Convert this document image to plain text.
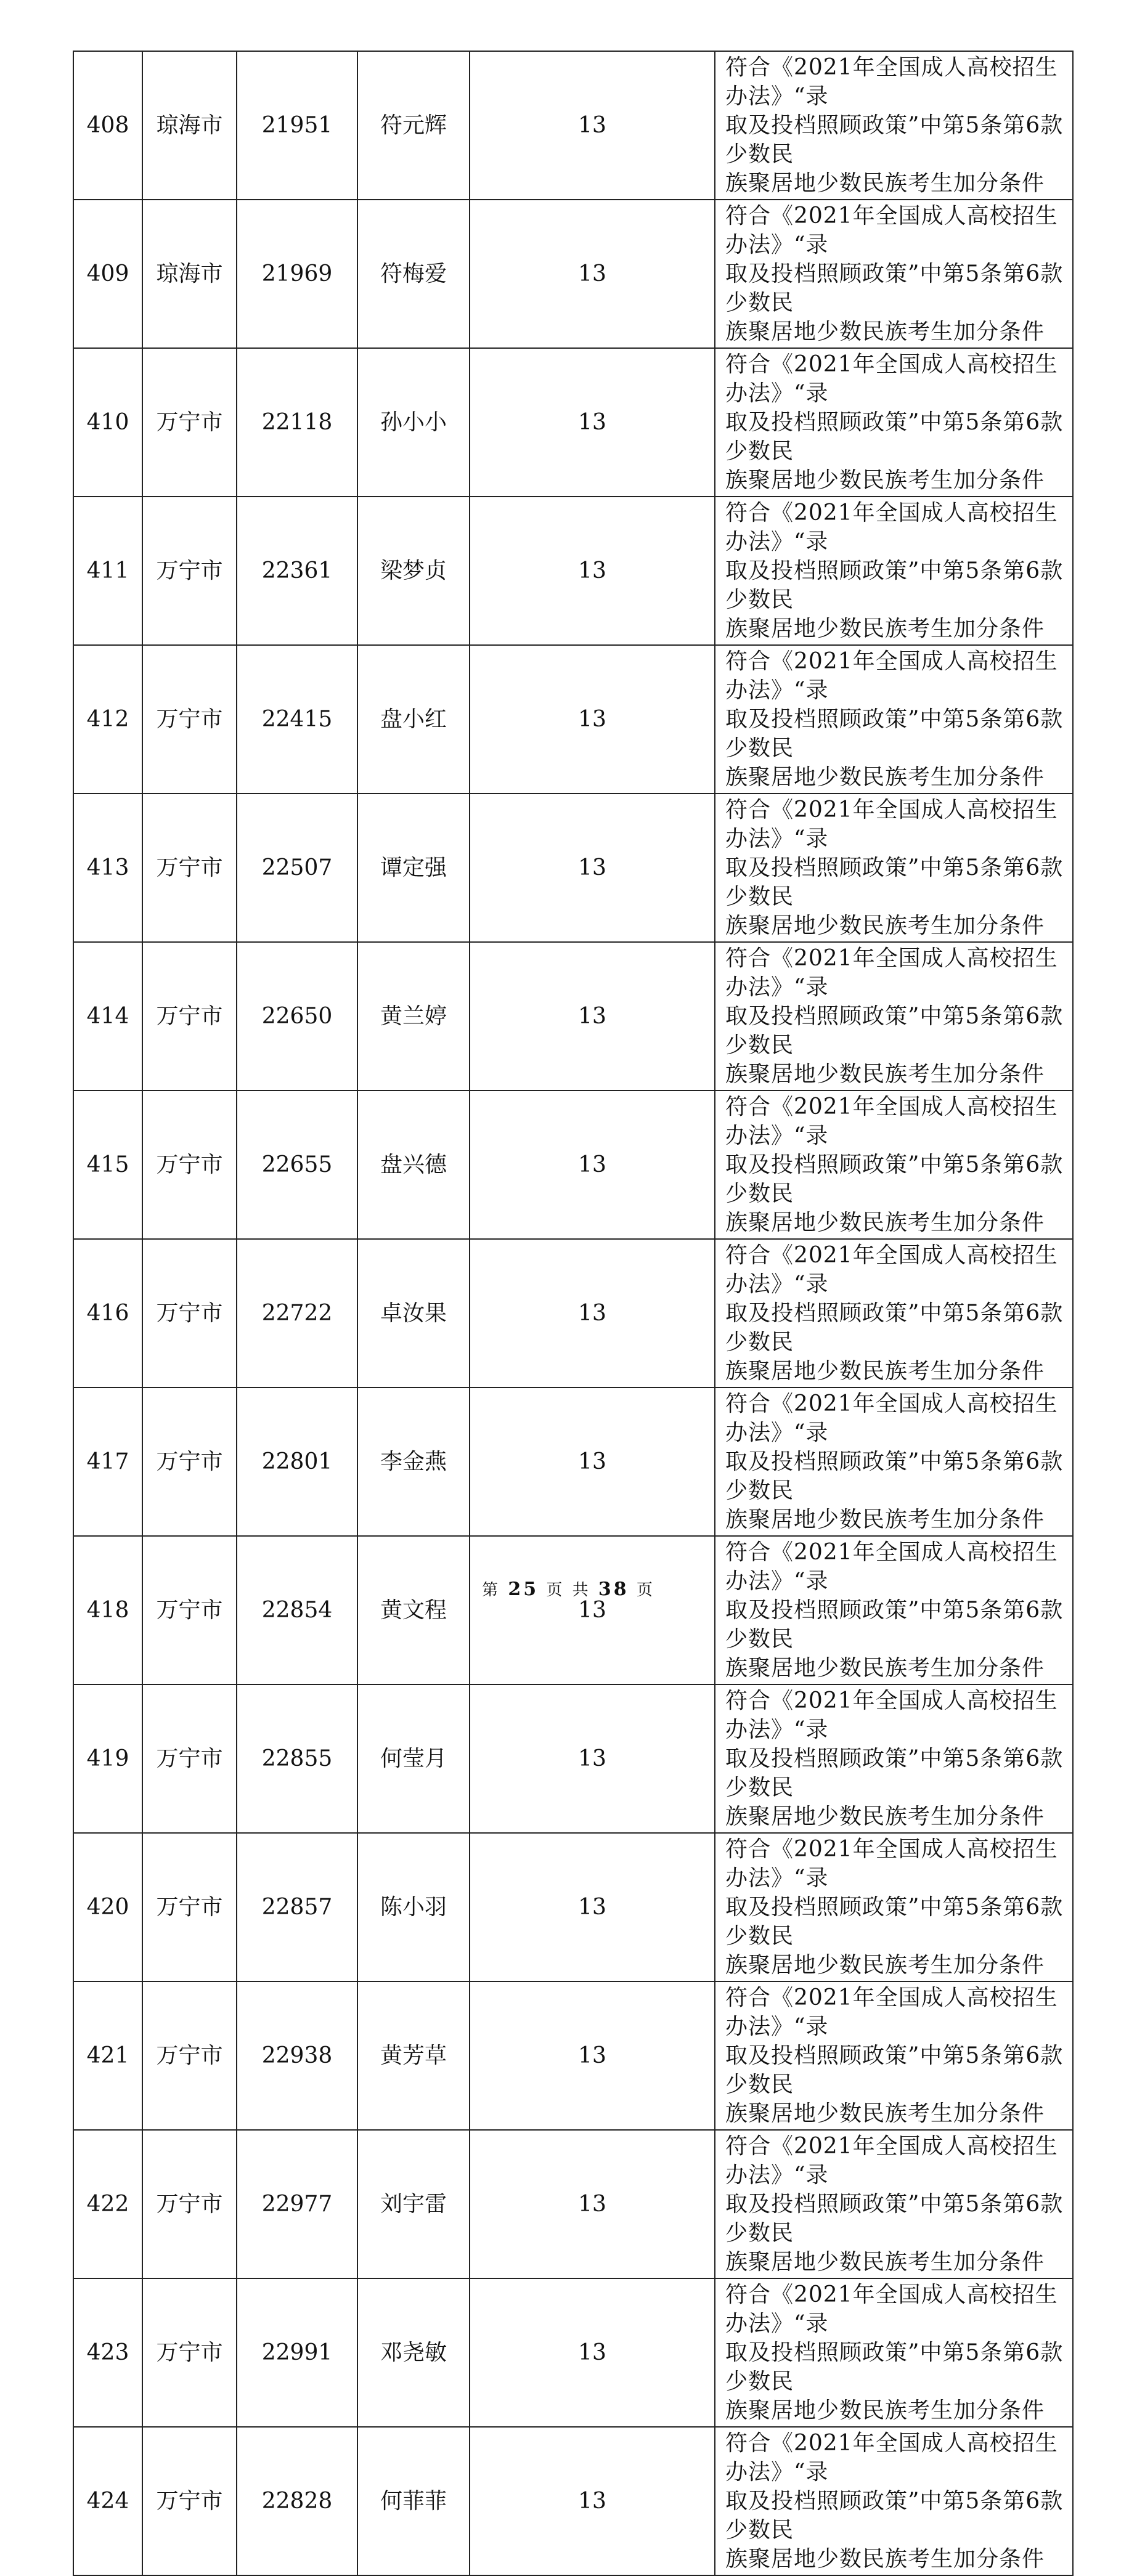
408	琼海市	21951	符元辉	13	符合《2021年全国成人高校招生办法》“录
取及投档照顾政策”中第5条第6款少数民
族聚居地少数民族考生加分条件

409	琼海市	21969	符梅爱	13	符合《2021年全国成人高校招生办法》“录
取及投档照顾政策”中第5条第6款少数民
族聚居地少数民族考生加分条件

410	万宁市	22118	孙小小	13	符合《2021年全国成人高校招生办法》“录
取及投档照顾政策”中第5条第6款少数民
族聚居地少数民族考生加分条件

411	万宁市	22361	梁梦贞	13	符合《2021年全国成人高校招生办法》“录
取及投档照顾政策”中第5条第6款少数民
族聚居地少数民族考生加分条件

412	万宁市	22415	盘小红	13	符合《2021年全国成人高校招生办法》“录
取及投档照顾政策”中第5条第6款少数民
族聚居地少数民族考生加分条件

413	万宁市	22507	谭定强	13	符合《2021年全国成人高校招生办法》“录
取及投档照顾政策”中第5条第6款少数民
族聚居地少数民族考生加分条件

414	万宁市	22650	黄兰婷	13	符合《2021年全国成人高校招生办法》“录
取及投档照顾政策”中第5条第6款少数民
族聚居地少数民族考生加分条件

415	万宁市	22655	盘兴德	13	符合《2021年全国成人高校招生办法》“录
取及投档照顾政策”中第5条第6款少数民
族聚居地少数民族考生加分条件

416	万宁市	22722	卓汝果	13	符合《2021年全国成人高校招生办法》“录
取及投档照顾政策”中第5条第6款少数民
族聚居地少数民族考生加分条件

417	万宁市	22801	李金燕	13	符合《2021年全国成人高校招生办法》“录
取及投档照顾政策”中第5条第6款少数民
族聚居地少数民族考生加分条件

418	万宁市	22854	黄文程	13	符合《2021年全国成人高校招生办法》“录
取及投档照顾政策”中第5条第6款少数民
族聚居地少数民族考生加分条件

419	万宁市	22855	何莹月	13	符合《2021年全国成人高校招生办法》“录
取及投档照顾政策”中第5条第6款少数民
族聚居地少数民族考生加分条件

420	万宁市	22857	陈小羽	13	符合《2021年全国成人高校招生办法》“录
取及投档照顾政策”中第5条第6款少数民
族聚居地少数民族考生加分条件

421	万宁市	22938	黄芳草	13	符合《2021年全国成人高校招生办法》“录
取及投档照顾政策”中第5条第6款少数民
族聚居地少数民族考生加分条件

422	万宁市	22977	刘宇雷	13	符合《2021年全国成人高校招生办法》“录
取及投档照顾政策”中第5条第6款少数民
族聚居地少数民族考生加分条件

423	万宁市	22991	邓尧敏	13	符合《2021年全国成人高校招生办法》“录
取及投档照顾政策”中第5条第6款少数民
族聚居地少数民族考生加分条件

424	万宁市	22828	何菲菲	13	符合《2021年全国成人高校招生办法》“录
取及投档照顾政策”中第5条第6款少数民
族聚居地少数民族考生加分条件
第 25 页 共 38 页
